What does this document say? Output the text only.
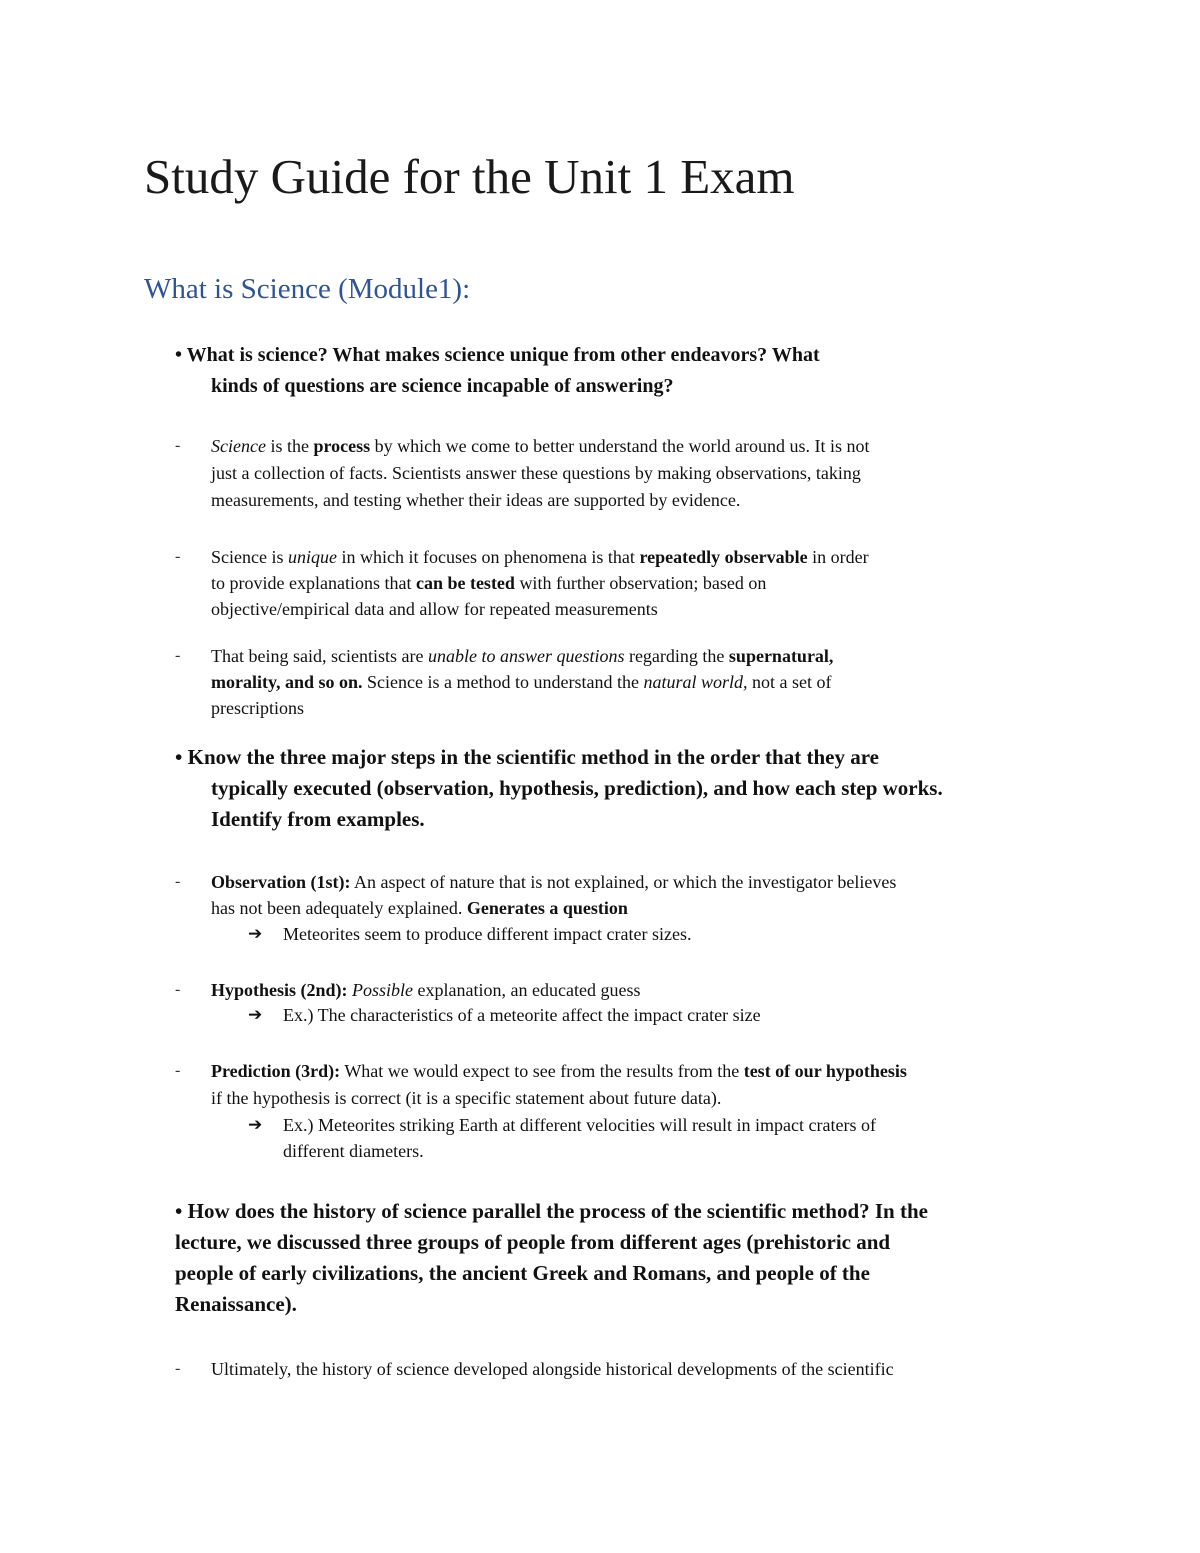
Study Guide for the Unit 1 Exam
What is Science (Module1):
• What is science? What makes science unique from other endeavors? What
kinds of questions are science incapable of answering?
- Science is the process by which we come to better understand the world around us. It is not
just a collection of facts. Scientists answer these questions by making observations, taking
measurements, and testing whether their ideas are supported by evidence.
- Science is unique in which it focuses on phenomena is that repeatedly observable in order
to provide explanations that can be tested with further observation; based on
objective/empirical data and allow for repeated measurements
- That being said, scientists are unable to answer questions regarding the supernatural,
morality, and so on. Science is a method to understand the natural world, not a set of
prescriptions
• Know the three major steps in the scientific method in the order that they are
typically executed (observation, hypothesis, prediction), and how each step works.
Identify from examples.
- Observation (1st): An aspect of nature that is not explained, or which the investigator believes
has not been adequately explained. Generates a question
➔ Meteorites seem to produce different impact crater sizes.
- Hypothesis (2nd): Possible explanation, an educated guess
➔ Ex.) The characteristics of a meteorite affect the impact crater size
- Prediction (3rd): What we would expect to see from the results from the test of our hypothesis
if the hypothesis is correct (it is a specific statement about future data).
➔ Ex.) Meteorites striking Earth at different velocities will result in impact craters of
different diameters.
• How does the history of science parallel the process of the scientific method? In the
lecture, we discussed three groups of people from different ages (prehistoric and
people of early civilizations, the ancient Greek and Romans, and people of the
Renaissance).
- Ultimately, the history of science developed alongside historical developments of the scientific
